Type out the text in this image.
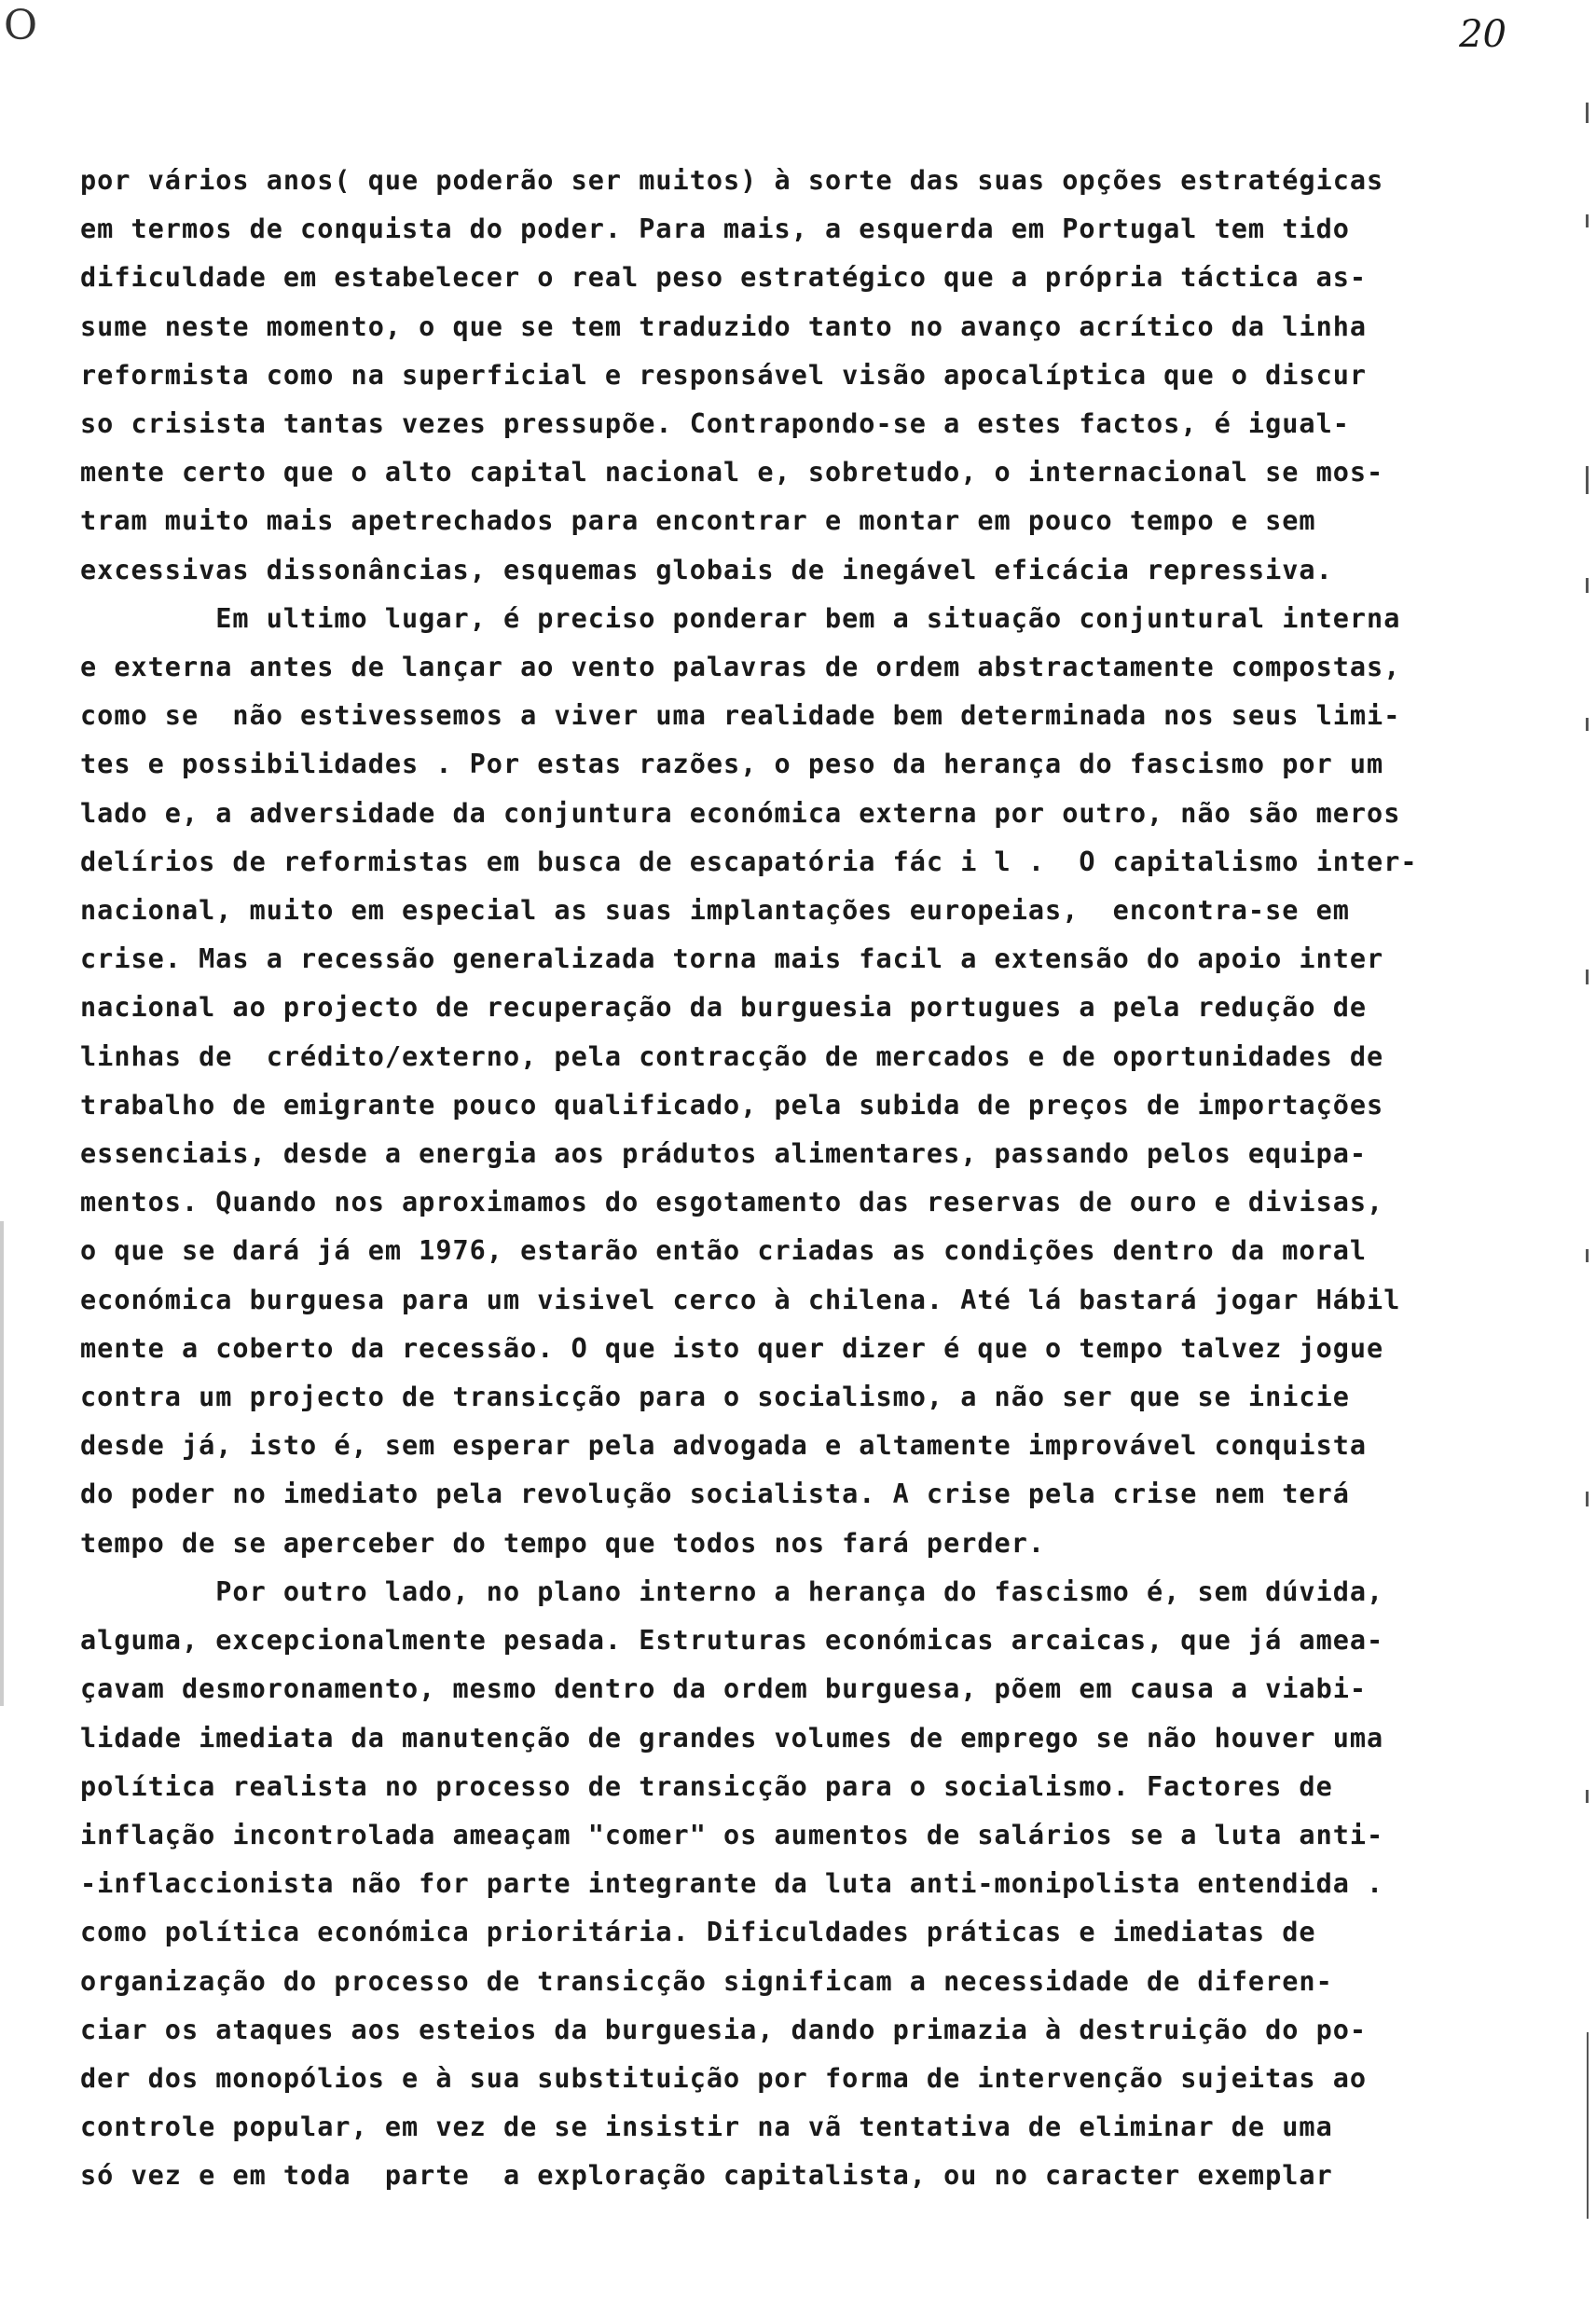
O	20
por vários anos( que poderão ser muitos) à sorte das suas opções estratégicas
em termos de conquista do poder. Para mais, a esquerda em Portugal tem tido
dificuldade em estabelecer o real peso estratégico que a própria táctica as-
sume neste momento, o que se tem traduzido tanto no avanço acrítico da linha
reformista como na superficial e responsável visão apocalíptica que o discur
so crisista tantas vezes pressupõe. Contrapondo-se a estes factos, é igual-
mente certo que o alto capital nacional e, sobretudo, o internacional se mos-
tram muito mais apetrechados para encontrar e montar em pouco tempo e sem
excessivas dissonâncias, esquemas globais de inegável eficácia repressiva.
Em ultimo lugar, é preciso ponderar bem a situação conjuntural interna
e externa antes de lançar ao vento palavras de ordem abstractamente compostas,
como se  não estivessemos a viver uma realidade bem determinada nos seus limi-
tes e possibilidades . Por estas razões, o peso da herança do fascismo por um
lado e, a adversidade da conjuntura económica externa por outro, não são meros
delírios de reformistas em busca de escapatória fác i l .  O capitalismo inter-
nacional, muito em especial as suas implantações europeias,  encontra-se em
crise. Mas a recessão generalizada torna mais facil a extensão do apoio inter
nacional ao projecto de recuperação da burguesia portugues a pela redução de
linhas de  crédito/externo, pela contracção de mercados e de oportunidades de
trabalho de emigrante pouco qualificado, pela subida de preços de importações
essenciais, desde a energia aos prádutos alimentares, passando pelos equipa-
mentos. Quando nos aproximamos do esgotamento das reservas de ouro e divisas,
o que se dará já em 1976, estarão então criadas as condições dentro da moral
económica burguesa para um visivel cerco à chilena. Até lá bastará jogar Hábil
mente a coberto da recessão. O que isto quer dizer é que o tempo talvez jogue
contra um projecto de transicção para o socialismo, a não ser que se inicie
desde já, isto é, sem esperar pela advogada e altamente improvável conquista
do poder no imediato pela revolução socialista. A crise pela crise nem terá
tempo de se aperceber do tempo que todos nos fará perder.
Por outro lado, no plano interno a herança do fascismo é, sem dúvida,
alguma, excepcionalmente pesada. Estruturas económicas arcaicas, que já amea-
çavam desmoronamento, mesmo dentro da ordem burguesa, põem em causa a viabi-
lidade imediata da manutenção de grandes volumes de emprego se não houver uma
política realista no processo de transicção para o socialismo. Factores de
inflação incontrolada ameaçam "comer" os aumentos de salários se a luta anti-
-inflaccionista não for parte integrante da luta anti-monipolista entendida .
como política económica prioritária. Dificuldades práticas e imediatas de
organização do processo de transicção significam a necessidade de diferen-
ciar os ataques aos esteios da burguesia, dando primazia à destruição do po-
der dos monopólios e à sua substituição por forma de intervenção sujeitas ao
controle popular, em vez de se insistir na vã tentativa de eliminar de uma
só vez e em toda  parte  a exploração capitalista, ou no caracter exemplar
